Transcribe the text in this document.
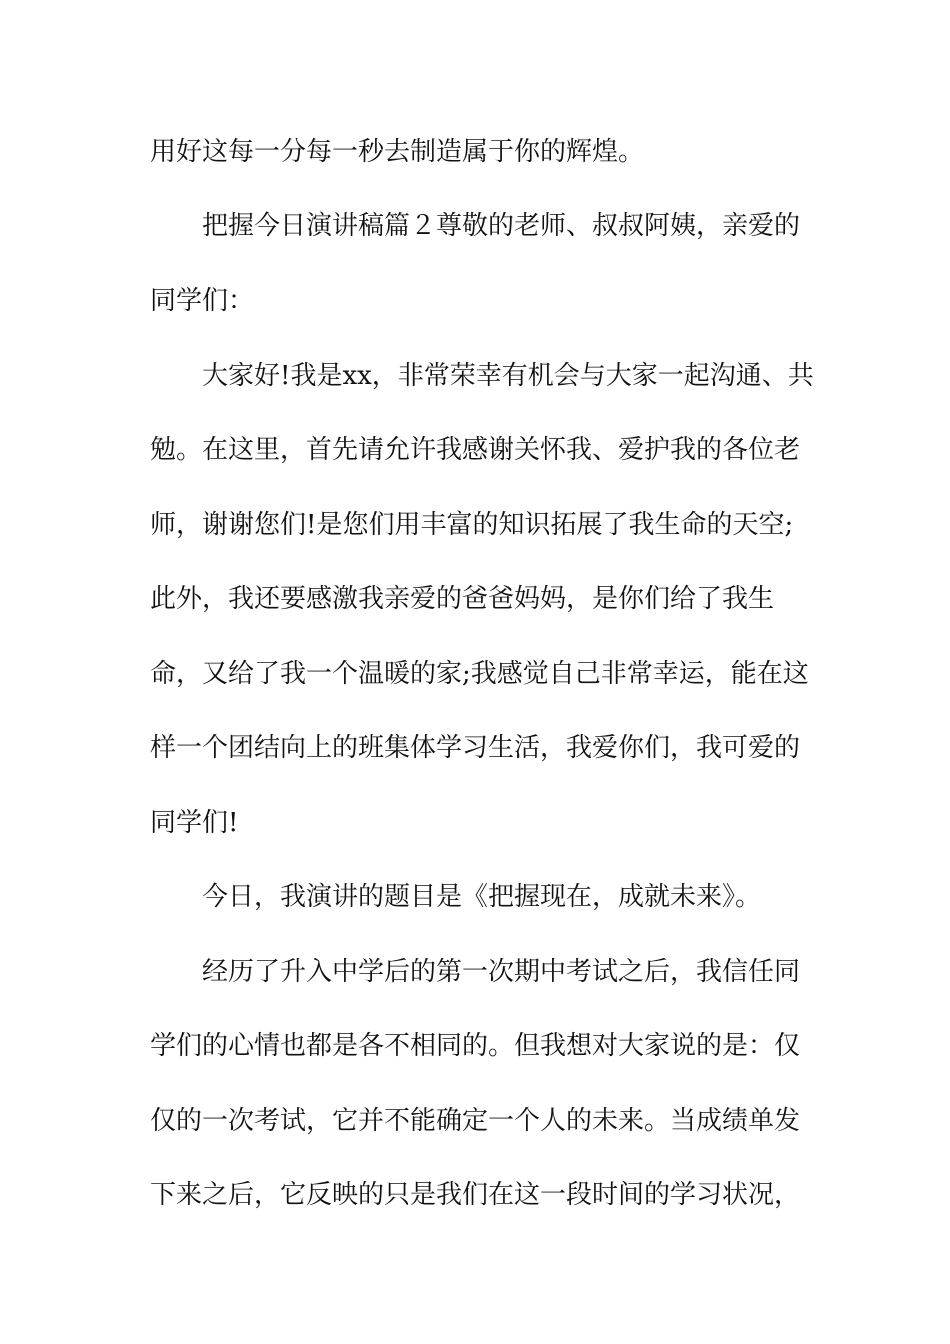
用好这每一分每一秒去制造属于你的辉煌。
把握今日演讲稿篇２尊敬的老师、叔叔阿姨，亲爱的
同学们：
大家好!我是xx，非常荣幸有机会与大家一起沟通、共
勉。在这里，首先请允许我感谢关怀我、爱护我的各位老
师，谢谢您们!是您们用丰富的知识拓展了我生命的天空;
此外，我还要感激我亲爱的爸爸妈妈，是你们给了我生
命，又给了我一个温暖的家;我感觉自己非常幸运，能在这
样一个团结向上的班集体学习生活，我爱你们，我可爱的
同学们!
今日，我演讲的题目是《把握现在，成就未来》。
经历了升入中学后的第一次期中考试之后，我信任同
学们的心情也都是各不相同的。但我想对大家说的是：仅
仅的一次考试，它并不能确定一个人的未来。当成绩单发
下来之后，它反映的只是我们在这一段时间的学习状况，
